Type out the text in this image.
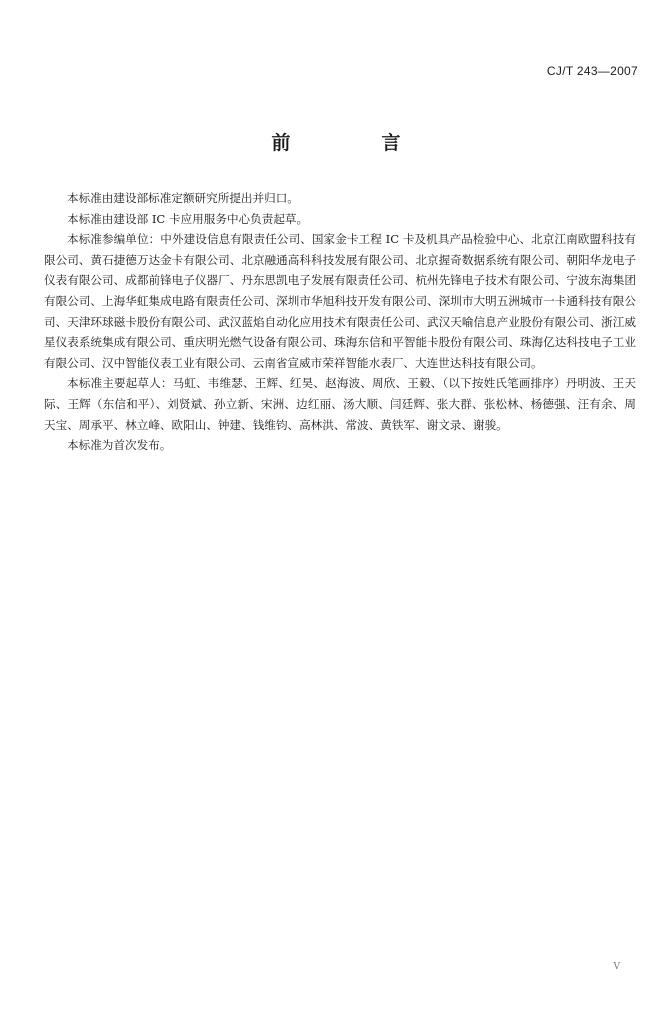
CJ/T 243—2007
前　言

本标准由建设部标准定额研究所提出并归口。

本标准由建设部 IC 卡应用服务中心负责起草。

本标准参编单位：中外建设信息有限责任公司、国家金卡工程 IC 卡及机具产品检验中心、北京江南欧盟科技有限公司、黄石捷德万达金卡有限公司、北京融通高科科技发展有限公司、北京握奇数据系统有限公司、朝阳华龙电子仪表有限公司、成都前锋电子仪器厂、丹东思凯电子发展有限责任公司、杭州先锋电子技术有限公司、宁波东海集团有限公司、上海华虹集成电路有限责任公司、深圳市华旭科技开发有限公司、深圳市大明五洲城市一卡通科技有限公司、天津环球磁卡股份有限公司、武汉蓝焰自动化应用技术有限责任公司、武汉天喻信息产业股份有限公司、浙江威星仪表系统集成有限公司、重庆明光燃气设备有限公司、珠海东信和平智能卡股份有限公司、珠海亿达科技电子工业有限公司、汉中智能仪表工业有限公司、云南省宣威市荣祥智能水表厂、大连世达科技有限公司。

本标准主要起草人：马虹、韦维瑟、王辉、红昊、赵海波、周欣、王毅、（以下按姓氏笔画排序）丹明波、王天际、王辉（东信和平）、刘贤斌、孙立新、宋洲、边红丽、汤大顺、闫廷辉、张大群、张松林、杨德强、汪有余、周天宝、周承平、林立峰、欧阳山、钟建、钱维钧、高林洪、常波、黄铁军、谢文录、谢骏。

本标准为首次发布。

V
